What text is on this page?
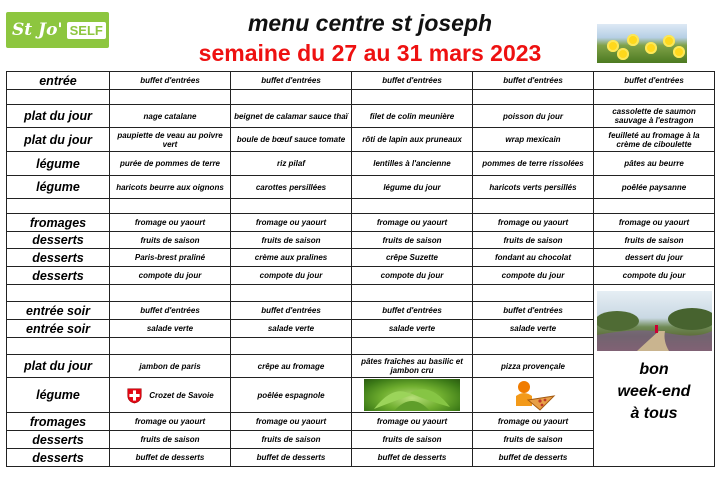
St Jo' SELF	menu centre st joseph
semaine du 27 au 31 mars 2023
entrée	buffet d'entrées	buffet d'entrées	buffet d'entrées	buffet d'entrées	buffet d'entrées

plat du jour	nage catalane	beignet de calamar sauce thaï	filet de colin meunière	poisson du jour	cassolette de saumon sauvage à l'estragon
plat du jour	paupiette de veau au poivre vert	boule de bœuf sauce tomate	rôti de lapin aux pruneaux	wrap mexicain	feuilleté au fromage à la crème de ciboulette
légume	purée de pommes de terre	riz pilaf	lentilles à l'ancienne	pommes de terre rissolées	pâtes au beurre
légume	haricots beurre aux oignons	carottes persillées	légume du jour	haricots verts persillés	poêlée paysanne

fromages	fromage ou yaourt	fromage ou yaourt	fromage ou yaourt	fromage ou yaourt	fromage ou yaourt
desserts	fruits de saison	fruits de saison	fruits de saison	fruits de saison	fruits de saison
desserts	Paris-brest praliné	crème aux pralines	crêpe Suzette	fondant au chocolat	dessert du jour
desserts	compote du jour	compote du jour	compote du jour	compote du jour	compote du jour

					bon
week-end
à tous

entrée soir	buffet d'entrées	buffet d'entrées	buffet d'entrées	buffet d'entrées	
entrée soir	salade verte	salade verte	salade verte	salade verte	

plat du jour	jambon de paris	crêpe au fromage	pâtes fraîches au basilic et jambon cru	pizza provençale	
légume	Crozet de Savoie	poêlée espagnole	

fromages	fromage ou yaourt	fromage ou yaourt	fromage ou yaourt	fromage ou yaourt	
desserts	fruits de saison	fruits de saison	fruits de saison	fruits de saison	
desserts	buffet de desserts	buffet de desserts	buffet de desserts	buffet de desserts	
